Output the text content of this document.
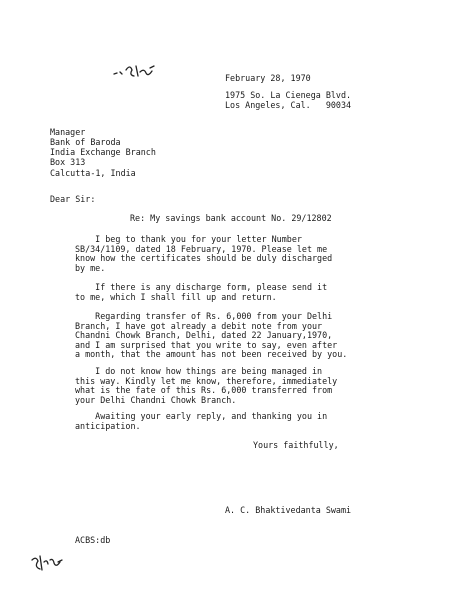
February 28, 1970
1975 So. La Cienega Blvd.
Los Angeles, Cal.   90034
Manager
Bank of Baroda
India Exchange Branch
Box 313
Calcutta-1, India
Dear Sir:
Re: My savings bank account No. 29/12802
I beg to thank you for your letter Number
SB/34/1109, dated 18 February, 1970. Please let me
know how the certificates should be duly discharged
by me.
If there is any discharge form, please send it
to me, which I shall fill up and return.
Regarding transfer of Rs. 6,000 from your Delhi
Branch, I have got already a debit note from your
Chandni Chowk Branch, Delhi, dated 22 January,1970,
and I am surprised that you write to say, even after
a month, that the amount has not been received by you.
I do not know how things are being managed in
this way. Kindly let me know, therefore, immediately
what is the fate of this Rs. 6,000 transferred from
your Delhi Chandni Chowk Branch.
Awaiting your early reply, and thanking you in
anticipation.
Yours faithfully,
A. C. Bhaktivedanta Swami
ACBS:db
